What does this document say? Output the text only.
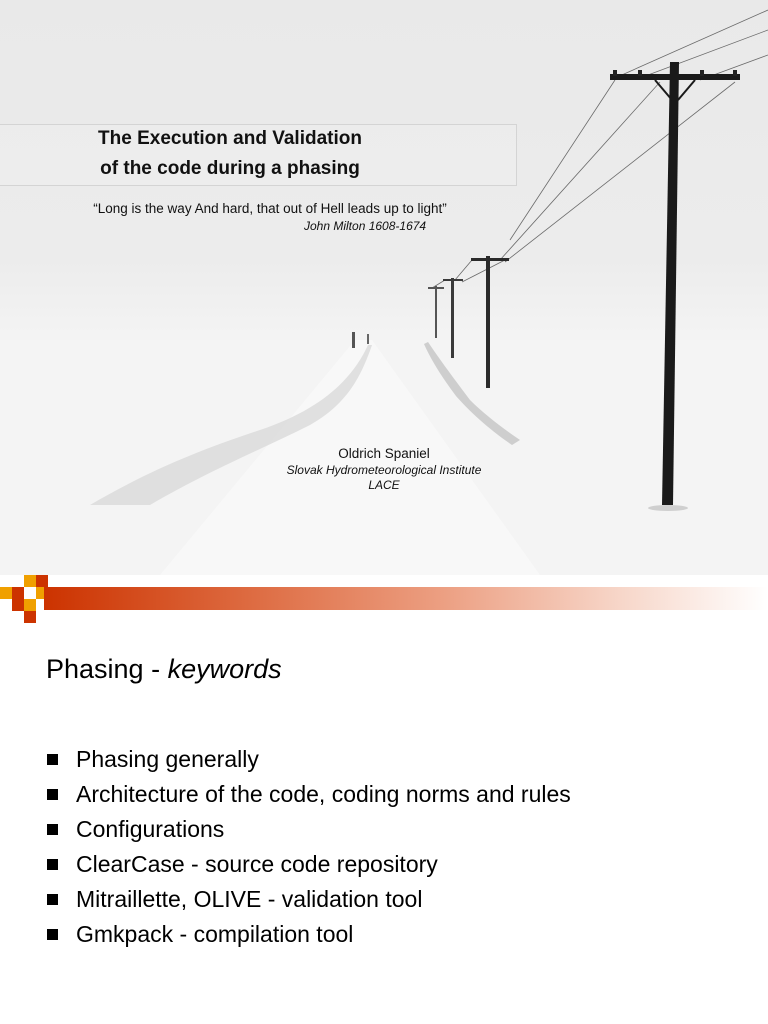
The Execution and Validation
of the code during a phasing
“Long is the way And hard, that out of Hell leads up to light”
John Milton 1608-1674
Oldrich Spaniel
Slovak Hydrometeorological Institute
LACE
Phasing - keywords
Phasing generally
Architecture of the code, coding norms and rules
Configurations
ClearCase - source code repository
Mitraillette, OLIVE - validation tool
Gmkpack - compilation tool
